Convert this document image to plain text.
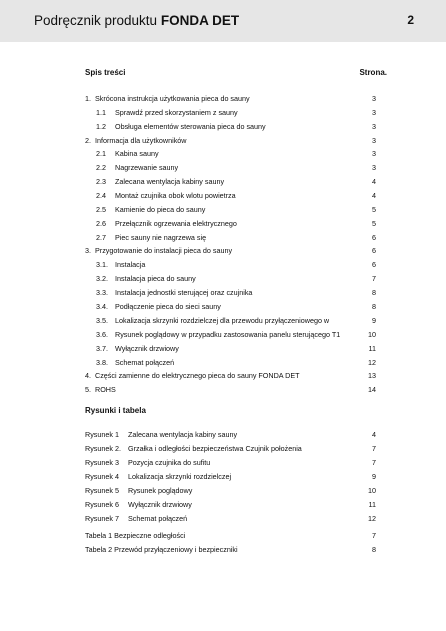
Podręcznik produktu FONDA DET	2
Spis treści	Strona.
1. Skrócona instrukcja użytkowania pieca do sauny	3
1.1 Sprawdź przed skorzystaniem z sauny	3
1.2 Obsługa elementów sterowania pieca do sauny	3
2. Informacja dla użytkowników	3
2.1 Kabina sauny	3
2.2 Nagrzewanie sauny	3
2.3 Zalecana wentylacja kabiny sauny	4
2.4 Montaż czujnika obok wlotu powietrza	4
2.5 Kamienie do pieca do sauny	5
2.6 Przełącznik ogrzewania elektrycznego	5
2.7 Piec sauny nie nagrzewa się	6
3. Przygotowanie do instalacji pieca do sauny	6
3.1. Instalacja	6
3.2. Instalacja pieca do sauny	7
3.3. Instalacja jednostki sterującej oraz czujnika	8
3.4. Podłączenie pieca do sieci sauny	8
3.5. Lokalizacja skrzynki rozdzielczej dla przewodu przyłączeniowego w	9
3.6. Rysunek poglądowy w przypadku zastosowania panelu sterującego T1	10
3.7. Wyłącznik drzwiowy	11
3.8. Schemat połączeń	12
4. Części zamienne do elektrycznego pieca do sauny FONDA DET	13
5. ROHS	14
Rysunki i tabela
Rysunek 1 Zalecana wentylacja kabiny sauny	4
Rysunek 2. Grzałka i odległości bezpieczeństwa Czujnik położenia	7
Rysunek 3 Pozycja czujnika do sufitu	7
Rysunek 4 Lokalizacja skrzynki rozdzielczej	9
Rysunek 5 Rysunek poglądowy	10
Rysunek 6 Wyłącznik drzwiowy	11
Rysunek 7 Schemat połączeń	12
Tabela 1 Bezpieczne odległości	7
Tabela 2 Przewód przyłączeniowy i bezpieczniki	8
